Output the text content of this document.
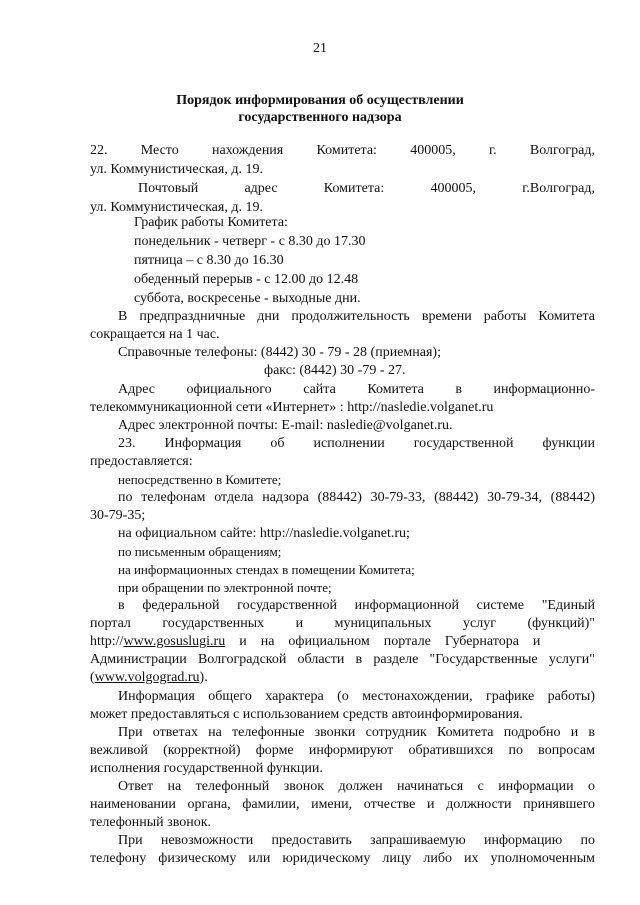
21
Порядок информирования об осуществлении
государственного надзора
22. Место нахождения Комитета: 400005, г. Волгоград,
ул. Коммунистическая, д. 19.
Почтовый адрес Комитета: 400005, г.Волгоград,
ул. Коммунистическая, д. 19.
График работы Комитета:
понедельник - четверг - с 8.30 до 17.30
пятница – с 8.30 до 16.30
обеденный перерыв - с 12.00 до 12.48
суббота, воскресенье - выходные дни.
В предпраздничные дни продолжительность времени работы Комитета
сокращается на 1 час.
Справочные телефоны: (8442) 30 - 79 - 28 (приемная);
факс: (8442) 30 -79 - 27.
Адрес официального сайта Комитета в информационно-
телекоммуникационной сети «Интернет» : http://nasledie.volganet.ru
Адрес электронной почты: E-mail: nasledie@volganet.ru.
23. Информация об исполнении государственной функции
предоставляется:
непосредственно в Комитете;
по телефонам отдела надзора (88442) 30-79-33, (88442) 30-79-34, (88442)
30-79-35;
на официальном сайте: http://nasledie.volganet.ru;
по письменным обращениям;
на информационных стендах в помещении Комитета;
при обращении по электронной почте;
в федеральной государственной информационной системе "Единый
портал государственных и муниципальных услуг (функций)"
http://www.gosuslugi.ru    и    на    официальном    портале    Губернатора    и
Администрации Волгоградской области в разделе "Государственные услуги"
(www.volgograd.ru).
Информация общего характера (о местонахождении, графике работы)
может предоставляться с использованием средств автоинформирования.
При ответах на телефонные звонки сотрудник Комитета подробно и в
вежливой (корректной) форме информируют обратившихся по вопросам
исполнения государственной функции.
Ответ на телефонный звонок должен начинаться с информации о
наименовании органа, фамилии, имени, отчестве и должности принявшего
телефонный звонок.
При невозможности предоставить запрашиваемую информацию по
телефону физическому или юридическому лицу либо их уполномоченным
